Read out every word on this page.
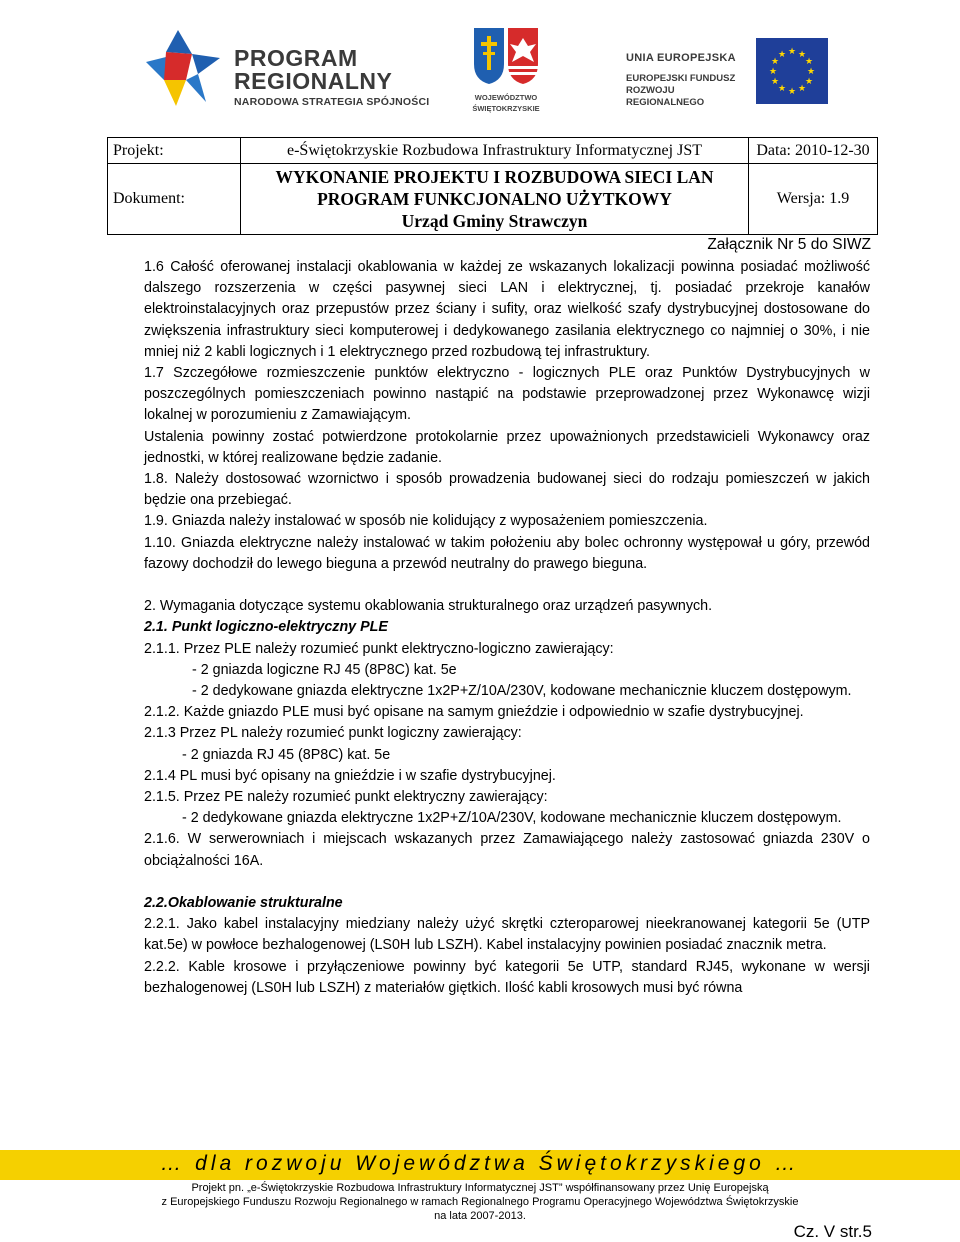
PROGRAM
REGIONALNY
NARODOWA STRATEGIA SPÓJNOŚCI	WOJEWÓDZTWO
ŚWIĘTOKRZYSKIE
UNIA EUROPEJSKA
EUROPEJSKI FUNDUSZ
ROZWOJU REGIONALNEGO
★ ★
★
★
★
★
★
★
★
★
★
★
Projekt:	e-Świętokrzyskie Rozbudowa Infrastruktury Informatycznej JST	Data: 2010-12-30
Dokument:	WYKONANIE PROJEKTU I ROZBUDOWA SIECI LAN
PROGRAM FUNKCJONALNO UŻYTKOWY
Urząd Gminy Strawczyn	Wersja: 1.9
Załącznik Nr 5 do SIWZ

1.6 Całość oferowanej instalacji okablowania w każdej ze wskazanych lokalizacji powinna posiadać możliwość dalszego rozszerzenia w części pasywnej sieci LAN i elektrycznej, tj. posiadać przekroje kanałów elektroinstalacyjnych oraz przepustów przez ściany i sufity, oraz wielkość szafy dystrybucyjnej dostosowane do zwiększenia infrastruktury sieci komputerowej i dedykowanego zasilania elektrycznego co najmniej o 30%, i nie mniej niż 2 kabli logicznych i 1 elektrycznego przed rozbudową tej infrastruktury.

1.7 Szczegółowe rozmieszczenie punktów elektryczno - logicznych PLE oraz Punktów Dystrybucyjnych w poszczególnych pomieszczeniach powinno nastąpić na podstawie przeprowadzonej przez Wykonawcę wizji lokalnej w porozumieniu z Zamawiającym.

Ustalenia powinny zostać potwierdzone protokolarnie przez upoważnionych przedstawicieli Wykonawcy oraz jednostki, w której realizowane będzie zadanie.

1.8. Należy dostosować wzornictwo i sposób prowadzenia budowanej sieci do rodzaju pomieszczeń w jakich będzie ona przebiegać.

1.9. Gniazda należy instalować w sposób nie kolidujący z wyposażeniem pomieszczenia.

1.10. Gniazda elektryczne należy instalować w takim położeniu aby bolec ochronny występował u góry, przewód fazowy dochodził do lewego bieguna a przewód neutralny do prawego bieguna.

2. Wymagania dotyczące systemu okablowania strukturalnego oraz urządzeń pasywnych.

2.1. Punkt logiczno-elektryczny PLE

2.1.1. Przez PLE należy rozumieć punkt elektryczno-logiczno zawierający:

- 2 gniazda logiczne RJ 45 (8P8C) kat. 5e

- 2 dedykowane gniazda elektryczne 1x2P+Z/10A/230V, kodowane mechanicznie kluczem dostępowym.

2.1.2. Każde gniazdo PLE musi być opisane na samym gnieździe i odpowiednio w szafie dystrybucyjnej.

2.1.3 Przez PL należy rozumieć punkt logiczny zawierający:

- 2 gniazda RJ 45 (8P8C) kat. 5e

2.1.4 PL musi być opisany na gnieździe i w szafie dystrybucyjnej.

2.1.5. Przez PE należy rozumieć punkt elektryczny zawierający:

- 2 dedykowane gniazda elektryczne 1x2P+Z/10A/230V, kodowane mechanicznie kluczem dostępowym.

2.1.6. W serwerowniach i miejscach wskazanych przez Zamawiającego należy zastosować gniazda 230V o obciążalności 16A.

2.2.Okablowanie strukturalne

2.2.1. Jako kabel instalacyjny miedziany należy użyć skrętki czteroparowej nieekranowanej kategorii 5e (UTP kat.5e) w powłoce bezhalogenowej (LS0H lub LSZH). Kabel instalacyjny powinien posiadać znacznik metra.

2.2.2. Kable krosowe i przyłączeniowe powinny być kategorii 5e UTP, standard RJ45, wykonane w wersji bezhalogenowej (LS0H lub LSZH) z materiałów giętkich. Ilość kabli krosowych musi być równa

… dla rozwoju Województwa Świętokrzyskiego …
Projekt pn. „e-Świętokrzyskie Rozbudowa Infrastruktury Informatycznej JST” współfinansowany przez Unię Europejską
z Europejskiego Funduszu Rozwoju Regionalnego w ramach Regionalnego Programu Operacyjnego Województwa Świętokrzyskie
na lata 2007-2013.
Cz. V str.5
